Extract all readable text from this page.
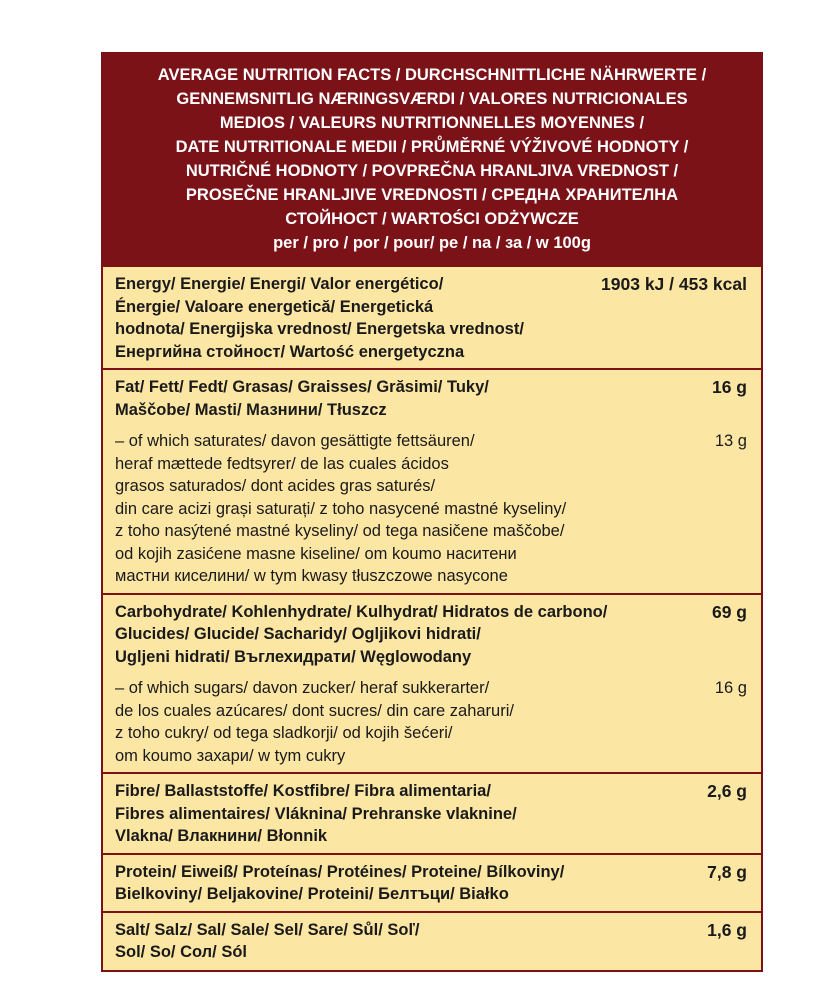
AVERAGE NUTRITION FACTS / DURCHSCHNITTLICHE NÄHRWERTE /
GENNEMSNITLIG NÆRINGSVÆRDI / VALORES NUTRICIONALES
MEDIOS / VALEURS NUTRITIONNELLES MOYENNES /
DATE NUTRITIONALE MEDII / PRŮMĚRNÉ VÝŽIVOVÉ HODNOTY /
NUTRIČNÉ HODNOTY / POVPREČNA HRANLJIVA VREDNOST /
PROSEČNE HRANLJIVE VREDNOSTI / СРЕДНА ХРАНИТЕЛНА
СТОЙНОСТ / WARTOŚCI ODŻYWCZE
per / pro / por / pour/ pe / na / за / w 100g
Energy/ Energie/ Energi/ Valor energético/
Énergie/ Valoare energetică/ Energetická
hodnota/ Energijska vrednost/ Energetska vrednost/
Енергийна стойност/ Wartość energetyczna
1903 kJ / 453 kcal
Fat/ Fett/ Fedt/ Grasas/ Graisses/ Grăsimi/ Tuky/
Maščobe/ Masti/ Мазнини/ Tłuszcz
16 g
– of which saturates/ davon gesättigte fettsäuren/
heraf mættede fedtsyrer/ de las cuales ácidos
grasos saturados/ dont acides gras saturés/
din care acizi grași saturați/ z toho nasycené mastné kyseliny/
z toho nasýtené mastné kyseliny/ od tega nasičene maščobe/
od kojih zasićene masne kiseline/ om koumo наситени
мастни киселини/ w tym kwasy tłuszczowe nasycone
13 g
Carbohydrate/ Kohlenhydrate/ Kulhydrat/ Hidratos de carbono/
Glucides/ Glucide/ Sacharidy/ Ogljikovi hidrati/
Ugljeni hidrati/ Въглехидрати/ Węglowodany
69 g
– of which sugars/ davon zucker/ heraf sukkerarter/
de los cuales azúcares/ dont sucres/ din care zaharuri/
z toho cukry/ od tega sladkorji/ od kojih šećeri/
om koumo захари/ w tym cukry
16 g
Fibre/ Ballaststoffe/ Kostfibre/ Fibra alimentaria/
Fibres alimentaires/ Vláknina/ Prehranske vlaknine/
Vlakna/ Влакнини/ Błonnik
2,6 g
Protein/ Eiweiß/ Proteínas/ Protéines/ Proteine/ Bílkoviny/
Bielkoviny/ Beljakovine/ Proteini/ Белтъци/ Białko
7,8 g
Salt/ Salz/ Sal/ Sale/ Sel/ Sare/ Sůl/ Soľ/
Sol/ So/ Сол/ Sól
1,6 g
